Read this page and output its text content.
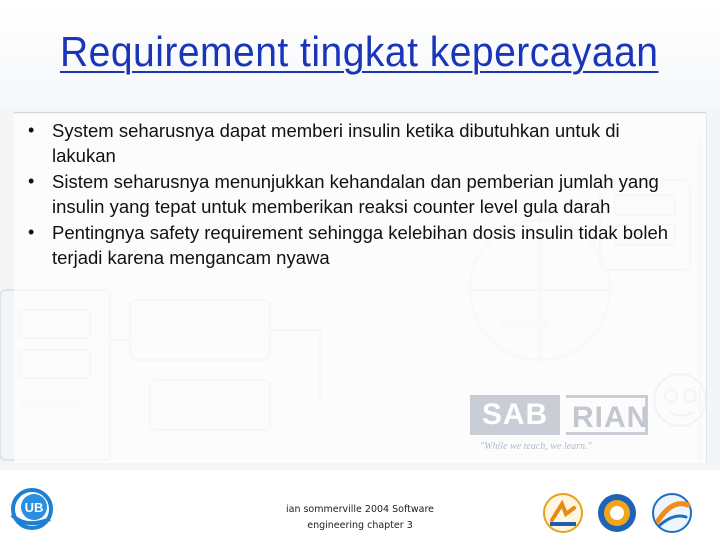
Requirement tingkat kepercayaan
• System seharusnya dapat memberi insulin ketika dibutuhkan untuk di lakukan
• Sistem seharusnya menunjukkan kehandalan dan pemberian jumlah yang insulin yang tepat untuk memberikan reaksi counter level gula darah
• Pentingnya safety requirement sehingga kelebihan dosis insulin tidak boleh terjadi karena mengancam nyawa
SAB RIAN
"While we teach, we learn."
UB	ian sommerville 2004 Software
engineering chapter 3
